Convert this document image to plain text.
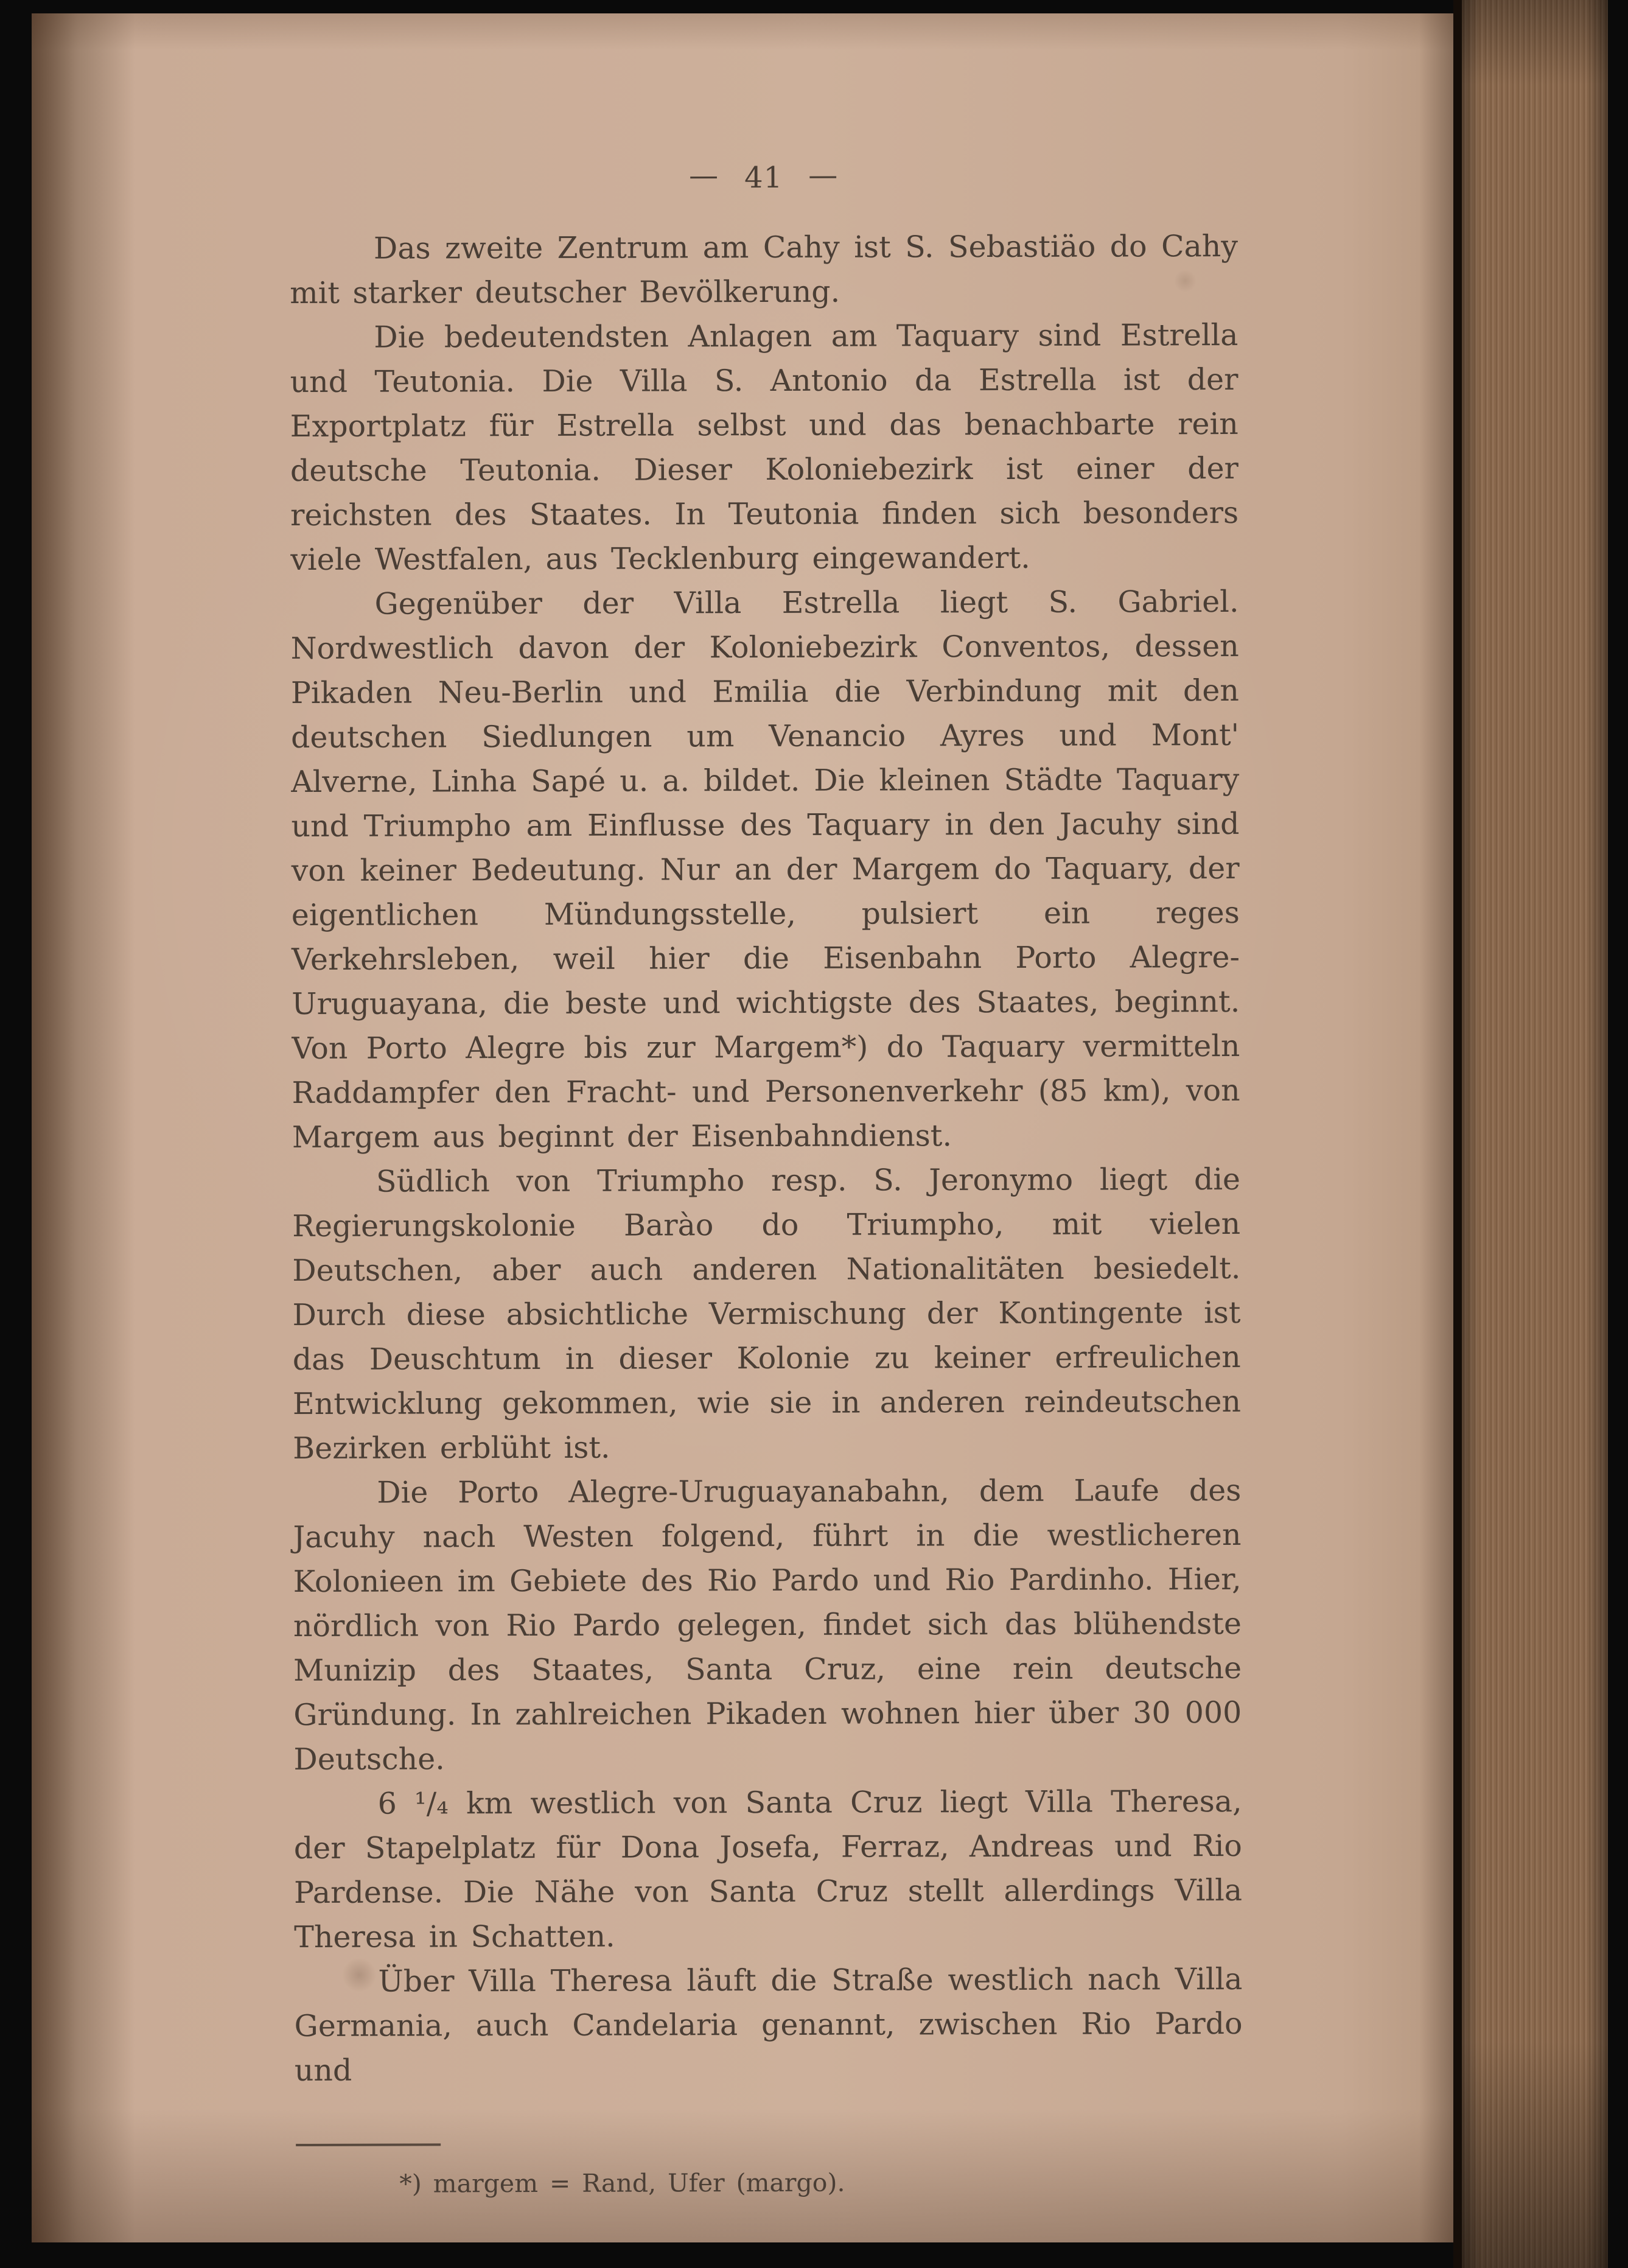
— 41 —

Das zweite Zentrum am Cahy ist S. Sebastiäo do Cahy mit starker deutscher Bevölkerung.

Die bedeutendsten Anlagen am Taquary sind Estrella und Teutonia. Die Villa S. Antonio da Estrella ist der Exportplatz für Estrella selbst und das benachbarte rein deutsche Teutonia. Dieser Koloniebezirk ist einer der reichsten des Staates. In Teutonia finden sich besonders viele Westfalen, aus Tecklenburg eingewandert.

Gegenüber der Villa Estrella liegt S. Gabriel. Nordwestlich davon der Koloniebezirk Conventos, dessen Pikaden Neu-Berlin und Emilia die Verbindung mit den deutschen Siedlungen um Venancio Ayres und Mont' Alverne, Linha Sapé u. a. bildet. Die kleinen Städte Taquary und Triumpho am Einflusse des Taquary in den Jacuhy sind von keiner Bedeutung. Nur an der Margem do Taquary, der eigentlichen Mündungsstelle, pulsiert ein reges Verkehrsleben, weil hier die Eisenbahn Porto Alegre-Uruguayana, die beste und wichtigste des Staates, beginnt. Von Porto Alegre bis zur Margem*) do Taquary vermitteln Raddampfer den Fracht- und Personenverkehr (85 km), von Margem aus beginnt der Eisenbahndienst.

Südlich von Triumpho resp. S. Jeronymo liegt die Regierungskolonie Barào do Triumpho, mit vielen Deutschen, aber auch anderen Nationalitäten besiedelt. Durch diese absichtliche Vermischung der Kontingente ist das Deuschtum in dieser Kolonie zu keiner erfreulichen Entwicklung gekommen, wie sie in anderen reindeutschen Bezirken erblüht ist.

Die Porto Alegre-Uruguayanabahn, dem Laufe des Jacuhy nach Westen folgend, führt in die westlicheren Kolonieen im Gebiete des Rio Pardo und Rio Pardinho. Hier, nördlich von Rio Pardo gelegen, findet sich das blühendste Munizip des Staates, Santa Cruz, eine rein deutsche Gründung. In zahlreichen Pikaden wohnen hier über 30 000 Deutsche.

6 ¹/₄ km westlich von Santa Cruz liegt Villa Theresa, der Stapelplatz für Dona Josefa, Ferraz, Andreas und Rio Pardense. Die Nähe von Santa Cruz stellt allerdings Villa Theresa in Schatten.

Über Villa Theresa läuft die Straße westlich nach Villa Germania, auch Candelaria genannt, zwischen Rio Pardo und

*) margem = Rand, Ufer (margo).
